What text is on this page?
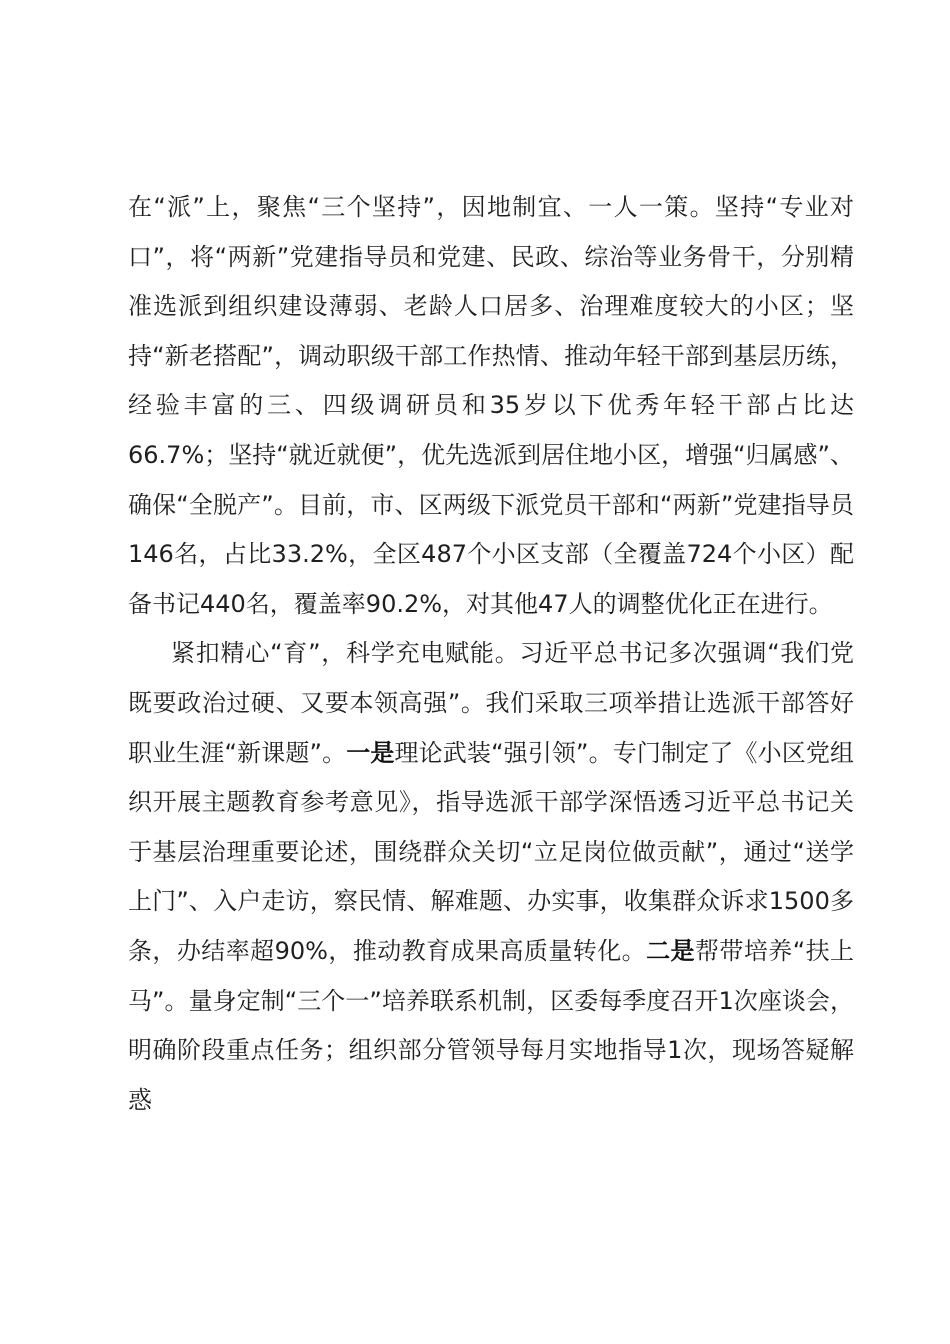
在“派”上，聚焦“三个坚持”，因地制宜、一人一策。坚持“专业对口”，将“两新”党建指导员和党建、民政、综治等业务骨干，分别精准选派到组织建设薄弱、老龄人口居多、治理难度较大的小区；坚持“新老搭配”，调动职级干部工作热情、推动年轻干部到基层历练，经验丰富的三、四级调研员和35岁以下优秀年轻干部占比达66.7%；坚持“就近就便”，优先选派到居住地小区，增强“归属感”、确保“全脱产”。目前，市、区两级下派党员干部和“两新”党建指导员146名，占比33.2%，全区487个小区支部（全覆盖724个小区）配备书记440名，覆盖率90.2%，对其他47人的调整优化正在进行。

紧扣精心“育”，科学充电赋能。习近平总书记多次强调“我们党既要政治过硬、又要本领高强”。我们采取三项举措让选派干部答好职业生涯“新课题”。一是理论武装“强引领”。专门制定了《小区党组织开展主题教育参考意见》，指导选派干部学深悟透习近平总书记关于基层治理重要论述，围绕群众关切“立足岗位做贡献”，通过“送学上门”、入户走访，察民情、解难题、办实事，收集群众诉求1500多条，办结率超90%，推动教育成果高质量转化。二是帮带培养“扶上马”。量身定制“三个一”培养联系机制，区委每季度召开1次座谈会，明确阶段重点任务；组织部分管领导每月实地指导1次，现场答疑解惑
